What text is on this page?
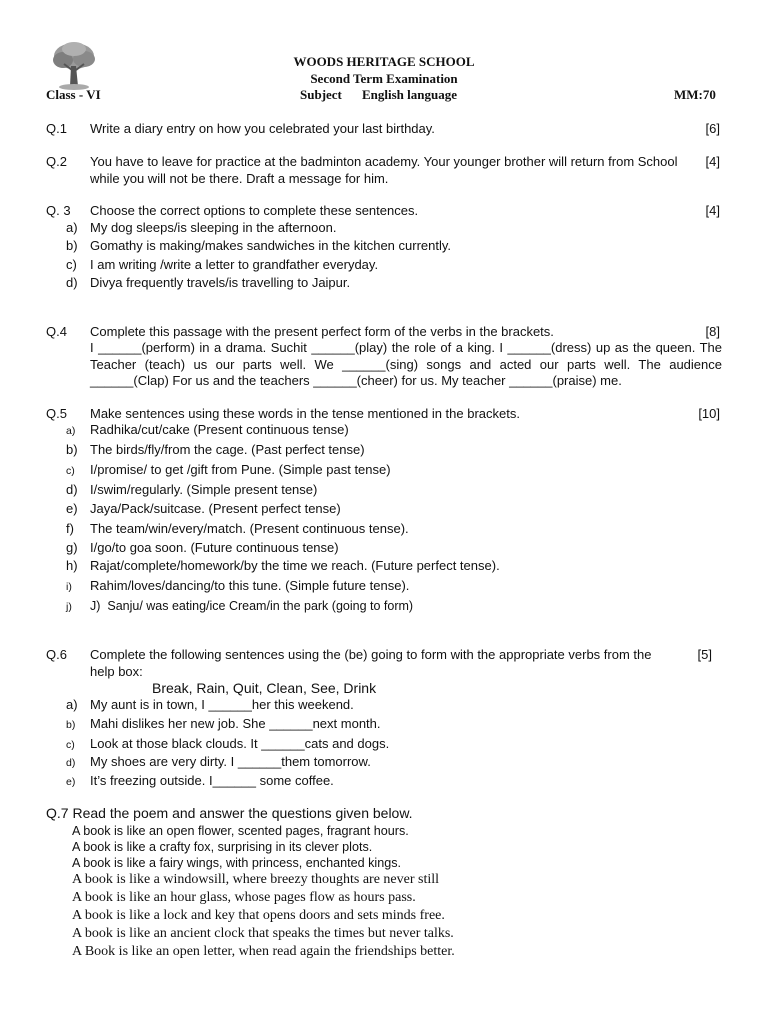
WOODS HERITAGE SCHOOL
Second Term Examination
Class - VI	Subject English language	MM:70
Q.1 Write a diary entry on how you celebrated your last birthday.	[6]
Q.2 You have to leave for practice at the badminton academy. Your younger brother will return from School while you will not be there. Draft a message for him.
[4]
Q. 3 Choose the correct options to complete these sentences.	[4]
a) My dog sleeps/is sleeping in the afternoon.
b) Gomathy is making/makes sandwiches in the kitchen currently.
c) I am writing /write a letter to grandfather everyday.
d) Divya frequently travels/is travelling to Jaipur.
Q.4 Complete this passage with the present perfect form of the verbs in the brackets.	[8]
I ______(perform) in a drama. Suchit ______(play) the role of a king. I ______(dress) up as the queen. The Teacher (teach) us our parts well. We ______(sing) songs and acted our parts well. The audience ______(Clap) For us and the teachers ______(cheer) for us. My teacher ______(praise) me.
Q.5 Make sentences using these words in the tense mentioned in the brackets.	[10]
a) Radhika/cut/cake (Present continuous tense)
b) The birds/fly/from the cage. (Past perfect tense)
c) I/promise/ to get /gift from Pune. (Simple past tense)
d) I/swim/regularly. (Simple present tense)
e) Jaya/Pack/suitcase. (Present perfect tense)
f) The team/win/every/match. (Present continuous tense).
g) I/go/to goa soon. (Future continuous tense)
h) Rajat/complete/homework/by the time we reach. (Future perfect tense).
i) Rahim/loves/dancing/to this tune. (Simple future tense).
j) J)  Sanju/ was eating/ice Cream/in the park (going to form)
Q.6 Complete the following sentences using the (be) going to form with the appropriate verbs from the help box:
[5]
Break, Rain, Quit, Clean, See, Drink
a) My aunt is in town, I ______her this weekend.
b) Mahi dislikes her new job. She ______next month.
c) Look at those black clouds. It ______cats and dogs.
d) My shoes are very dirty. I ______them tomorrow.
e) It’s freezing outside. I______ some coffee.
Q.7 Read the poem and answer the questions given below.
A book is like an open flower, scented pages, fragrant hours.
A book is like a crafty fox, surprising in its clever plots.
A book is like a fairy wings, with princess, enchanted kings.
A book is like a windowsill, where breezy thoughts are never still
A book is like an hour glass, whose pages flow as hours pass.
A book is like a lock and key that opens doors and sets minds free.
A book is like an ancient clock that speaks the times but never talks.
A Book is like an open letter, when read again the friendships better.
